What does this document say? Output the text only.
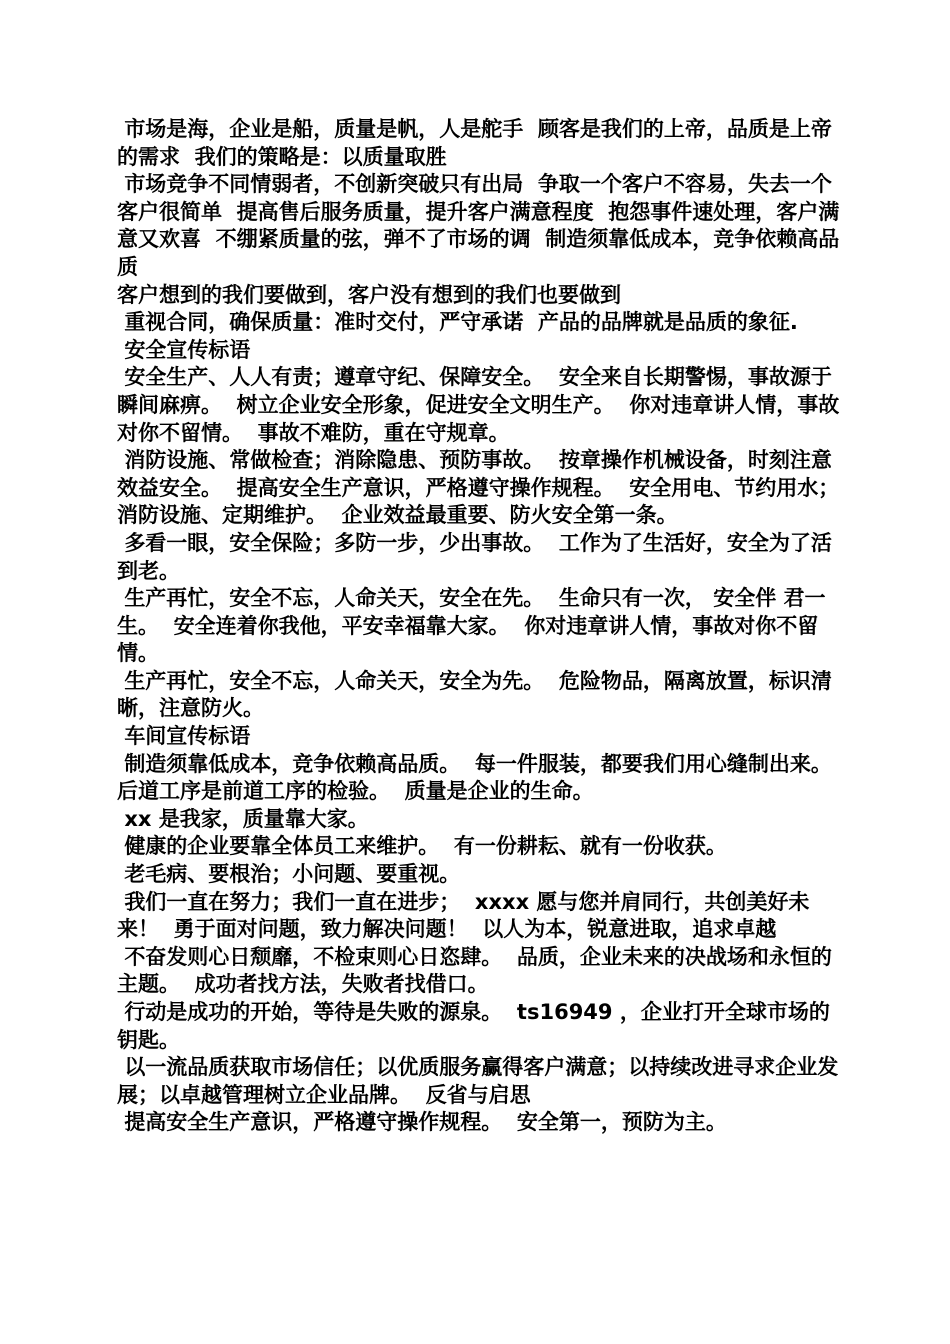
市场是海，企业是船，质量是帆，人是舵手  顾客是我们的上帝，品质是上帝的需求  我们的策略是：以质量取胜

市场竞争不同情弱者，不创新突破只有出局  争取一个客户不容易，失去一个客户很简单  提高售后服务质量，提升客户满意程度  抱怨事件速处理，客户满意又欢喜  不绷紧质量的弦，弹不了市场的调  制造须靠低成本，竞争依赖高品质

客户想到的我们要做到，客户没有想到的我们也要做到

重视合同，确保质量：准时交付，严守承诺  产品的品牌就是品质的象征.

安全宣传标语

安全生产、人人有责；遵章守纪、保障安全。  安全来自长期警惕，事故源于瞬间麻痹。  树立企业安全形象，促进安全文明生产。  你对违章讲人情，事故对你不留情。  事故不难防，重在守规章。

消防设施、常做检查；消除隐患、预防事故。  按章操作机械设备，时刻注意效益安全。  提高安全生产意识，严格遵守操作规程。  安全用电、节约用水；消防设施、定期维护。  企业效益最重要、防火安全第一条。

多看一眼，安全保险；多防一步，少出事故。  工作为了生活好，安全为了活到老。

生产再忙，安全不忘，人命关天，安全在先。  生命只有一次， 安全伴 君一生。  安全连着你我他，平安幸福靠大家。  你对违章讲人情，事故对你不留情。

生产再忙，安全不忘，人命关天，安全为先。  危险物品，隔离放置，标识清晰，注意防火。

车间宣传标语

制造须靠低成本，竞争依赖高品质。  每一件服装，都要我们用心缝制出来。  后道工序是前道工序的检验。  质量是企业的生命。

xx 是我家，质量靠大家。

健康的企业要靠全体员工来维护。  有一份耕耘、就有一份收获。

老毛病、要根治；小问题、要重视。

我们一直在努力；我们一直在进步；  xxxx 愿与您并肩同行，共创美好未来！  勇于面对问题，致力解决问题！  以人为本，锐意进取，追求卓越

不奋发则心日颓靡，不检束则心日恣肆。  品质，企业未来的决战场和永恒的主题。  成功者找方法，失败者找借口。

行动是成功的开始，等待是失败的源泉。  ts16949 ，企业打开全球市场的钥匙。

以一流品质获取市场信任；以优质服务赢得客户满意；以持续改进寻求企业发展；以卓越管理树立企业品牌。  反省与启思

提高安全生产意识，严格遵守操作规程。  安全第一，预防为主。
